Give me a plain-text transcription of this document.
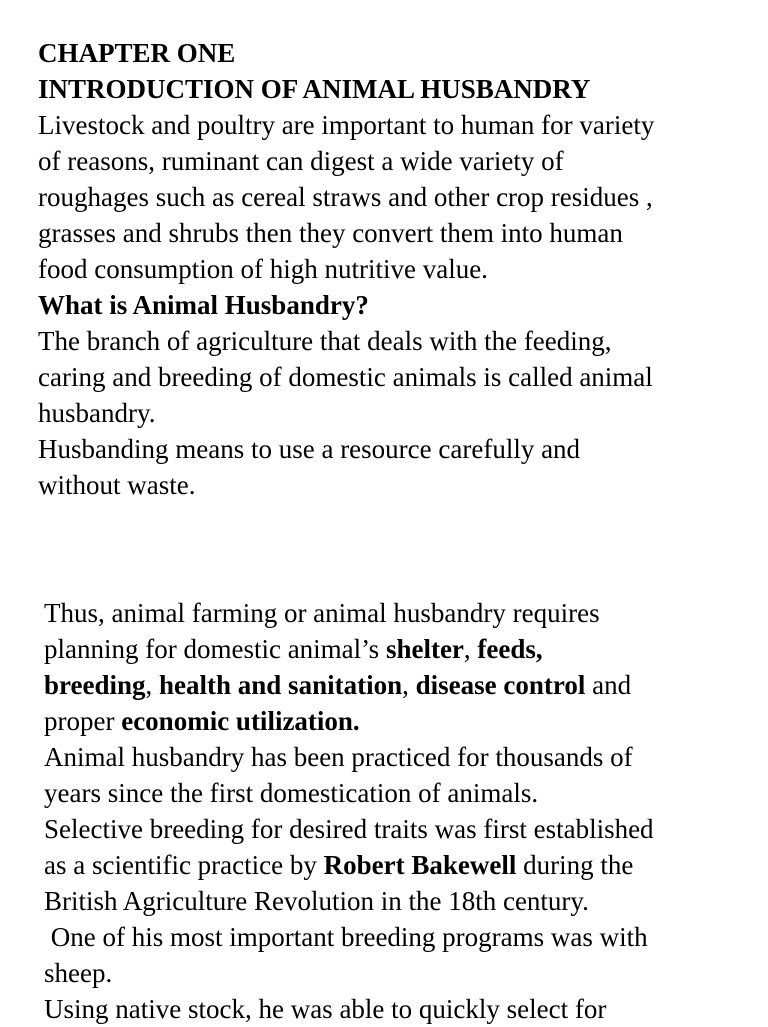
CHAPTER ONE
INTRODUCTION OF ANIMAL HUSBANDRY
Livestock and poultry are important to human for variety
of reasons, ruminant can digest a wide variety of
roughages such as cereal straws and other crop residues ,
grasses and shrubs then they convert them into human
food consumption of high nutritive value.
What is Animal Husbandry?
The branch of agriculture that deals with the feeding,
caring and breeding of domestic animals is called animal
husbandry.
Husbanding means to use a resource carefully and
without waste.
Thus, animal farming or animal husbandry requires
planning for domestic animal’s shelter, feeds,
breeding, health and sanitation, disease control and
proper economic utilization.
Animal husbandry has been practiced for thousands of
years since the first domestication of animals.
Selective breeding for desired traits was first established
as a scientific practice by Robert Bakewell during the
British Agriculture Revolution in the 18th century.
One of his most important breeding programs was with
sheep.
Using native stock, he was able to quickly select for
